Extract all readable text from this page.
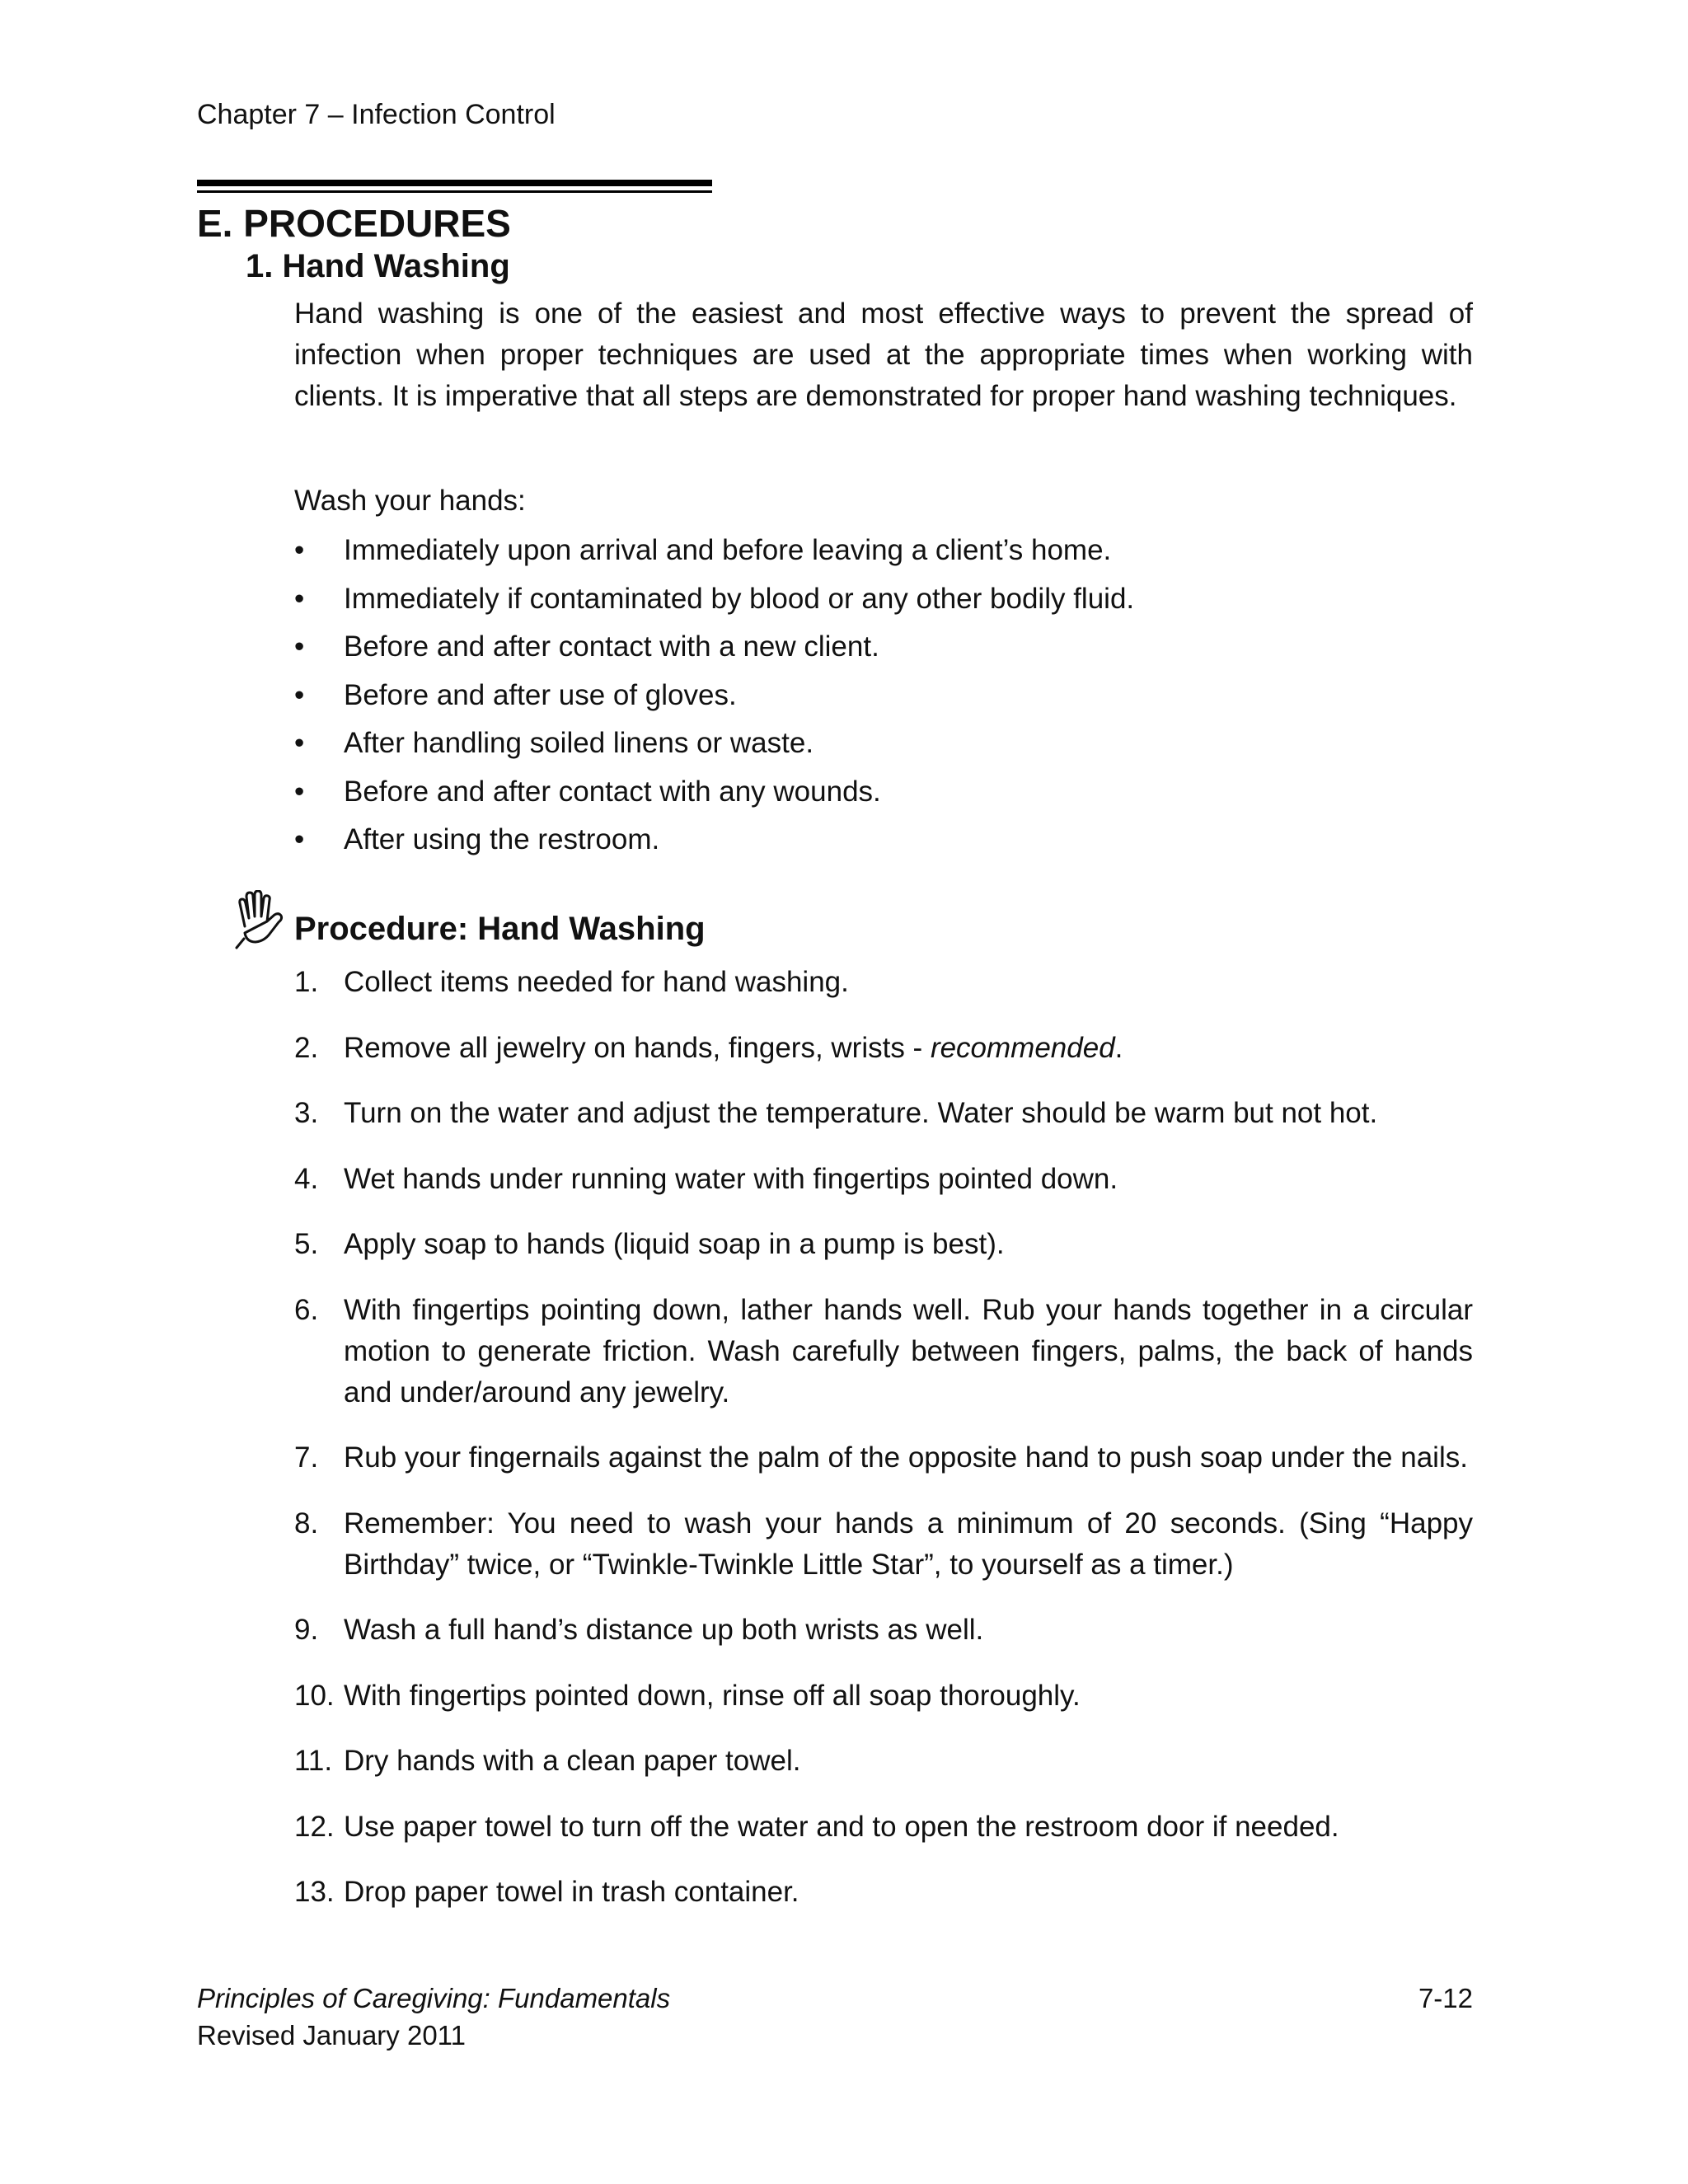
Chapter 7 – Infection Control
E. PROCEDURES
1. Hand Washing

Hand washing is one of the easiest and most effective ways to prevent the spread of infection when proper techniques are used at the appropriate times when working with clients. It is imperative that all steps are demonstrated for proper hand washing techniques.

Wash your hands:
• Immediately upon arrival and before leaving a client’s home.
• Immediately if contaminated by blood or any other bodily fluid.
• Before and after contact with a new client.
• Before and after use of gloves.
• After handling soiled linens or waste.
• Before and after contact with any wounds.
• After using the restroom.
Procedure: Hand Washing
1. Collect items needed for hand washing.
2. Remove all jewelry on hands, fingers, wrists - recommended.
3. Turn on the water and adjust the temperature. Water should be warm but not hot.
4. Wet hands under running water with fingertips pointed down.
5. Apply soap to hands (liquid soap in a pump is best).
6. With fingertips pointing down, lather hands well. Rub your hands together in a circular motion to generate friction. Wash carefully between fingers, palms, the back of hands and under/around any jewelry.
7. Rub your fingernails against the palm of the opposite hand to push soap under the nails.
8. Remember: You need to wash your hands a minimum of 20 seconds. (Sing “Happy Birthday” twice, or “Twinkle-Twinkle Little Star”, to yourself as a timer.)
9. Wash a full hand’s distance up both wrists as well.
10. With fingertips pointed down, rinse off all soap thoroughly.
11. Dry hands with a clean paper towel.
12. Use paper towel to turn off the water and to open the restroom door if needed.
13. Drop paper towel in trash container.
Principles of Caregiving: Fundamentals
Revised January 2011
7-12
